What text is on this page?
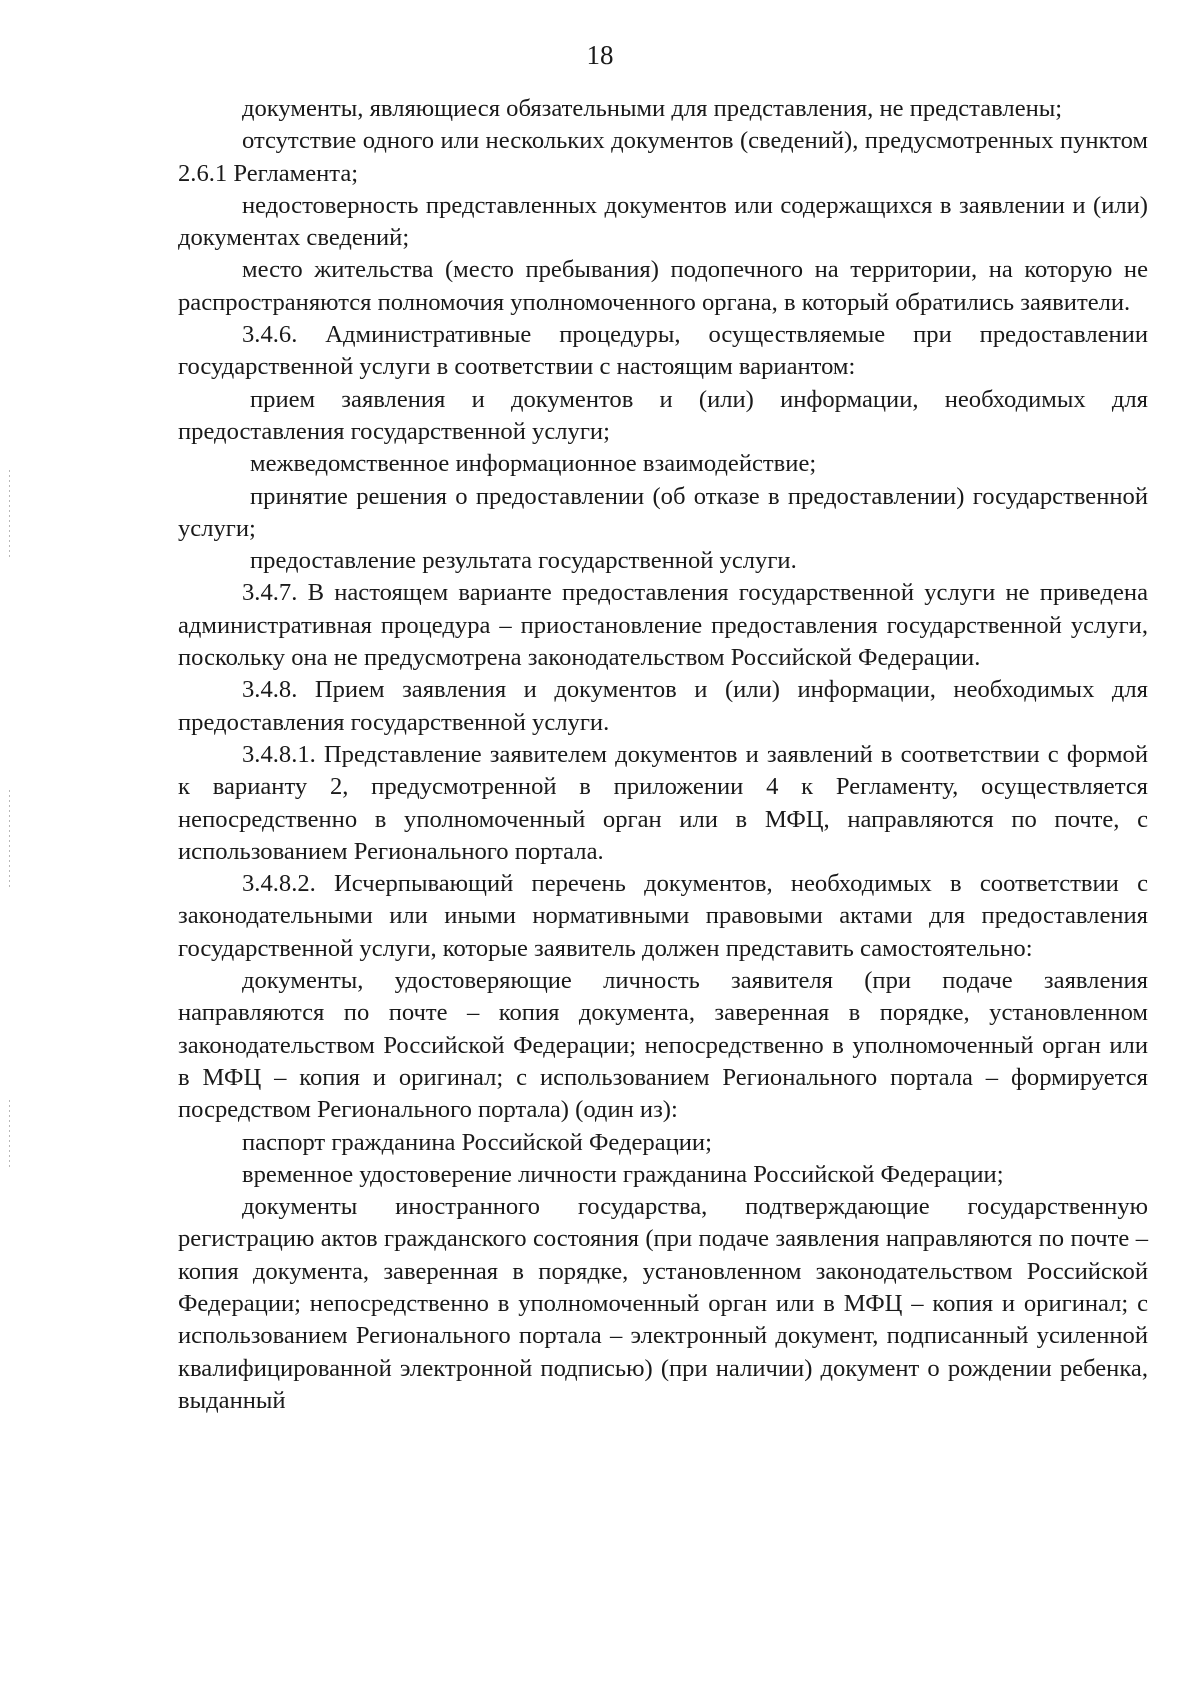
18

документы, являющиеся обязательными для представления, не представлены;

отсутствие одного или нескольких документов (сведений), предусмотренных пунктом 2.6.1 Регламента;

недостоверность представленных документов или содержащихся в заявлении и (или) документах сведений;

место жительства (место пребывания) подопечного на территории, на которую не распространяются полномочия уполномоченного органа, в который обратились заявители.

3.4.6. Административные процедуры, осуществляемые при предоставлении государственной услуги в соответствии с настоящим вариантом:

прием заявления и документов и (или) информации, необходимых для предоставления государственной услуги;

межведомственное информационное взаимодействие;

принятие решения о предоставлении (об отказе в предоставлении) государственной услуги;

предоставление результата государственной услуги.

3.4.7. В настоящем варианте предоставления государственной услуги не приведена административная процедура – приостановление предоставления государственной услуги, поскольку она не предусмотрена законодательством Российской Федерации.

3.4.8. Прием заявления и документов и (или) информации, необходимых для предоставления государственной услуги.

3.4.8.1. Представление заявителем документов и заявлений в соответствии с формой к варианту 2, предусмотренной в приложении 4 к Регламенту, осуществляется непосредственно в уполномоченный орган или в МФЦ, направляются по почте, с использованием Регионального портала.

3.4.8.2. Исчерпывающий перечень документов, необходимых в соответствии с законодательными или иными нормативными правовыми актами для предоставления государственной услуги, которые заявитель должен представить самостоятельно:

документы, удостоверяющие личность заявителя (при подаче заявления направляются по почте – копия документа, заверенная в порядке, установленном законодательством Российской Федерации; непосредственно в уполномоченный орган или в МФЦ – копия и оригинал; с использованием Регионального портала – формируется посредством Регионального портала) (один из):

паспорт гражданина Российской Федерации;

временное удостоверение личности гражданина Российской Федерации;

документы иностранного государства, подтверждающие государственную регистрацию актов гражданского состояния (при подаче заявления направляются по почте – копия документа, заверенная в порядке, установленном законодательством Российской Федерации; непосредственно в уполномоченный орган или в МФЦ – копия и оригинал; с использованием Регионального портала – электронный документ, подписанный усиленной квалифицированной электронной подписью) (при наличии) документ о рождении ребенка, выданный
